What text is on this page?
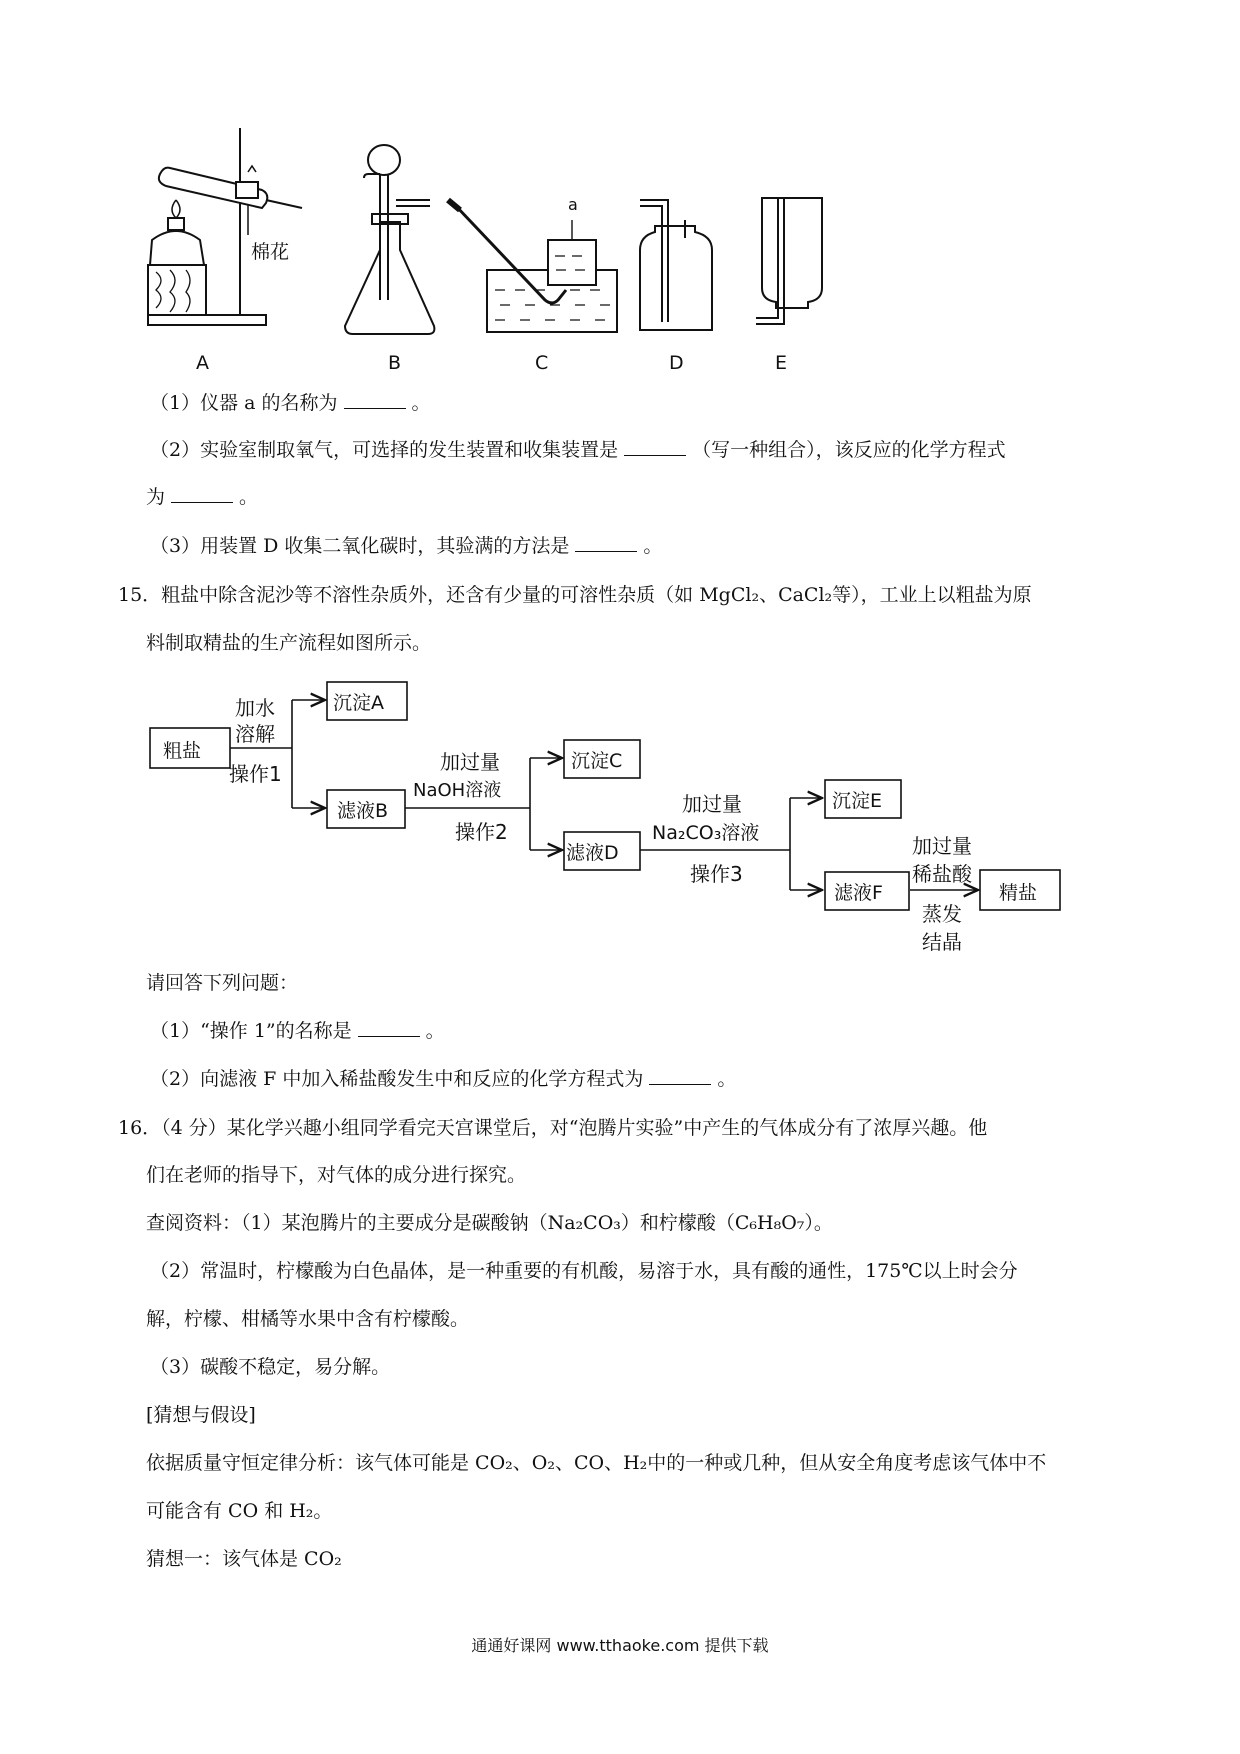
棉花
a
A	B	C	D	E
（1）仪器 a 的名称为	。
（2）实验室制取氧气，可选择的发生装置和收集装置是	（写一种组合），该反应的化学方程式
为	。
（3）用装置 D 收集二氧化碳时，其验满的方法是	。
15．粗盐中除含泥沙等不溶性杂质外，还含有少量的可溶性杂质（如 MgCl₂、CaCl₂等），工业上以粗盐为原
料制取精盐的生产流程如图所示。
粗盐
加水
溶解
操作1
沉淀A
滤液B
加过量
NaOH溶液
操作2
沉淀C
滤液D
加过量
Na₂CO₃溶液
操作3
沉淀E
滤液F
加过量
稀盐酸
蒸发
结晶
精盐
请回答下列问题：
（1）“操作 1”的名称是	。
（2）向滤液 F 中加入稀盐酸发生中和反应的化学方程式为	。
16．（4 分）某化学兴趣小组同学看完天宫课堂后，对“泡腾片实验”中产生的气体成分有了浓厚兴趣。他
们在老师的指导下，对气体的成分进行探究。
查阅资料：（1）某泡腾片的主要成分是碳酸钠（Na₂CO₃）和柠檬酸（C₆H₈O₇）。
（2）常温时，柠檬酸为白色晶体，是一种重要的有机酸，易溶于水，具有酸的通性，175℃以上时会分
解，柠檬、柑橘等水果中含有柠檬酸。
（3）碳酸不稳定，易分解。
[猜想与假设]
依据质量守恒定律分析：该气体可能是 CO₂、O₂、CO、H₂中的一种或几种，但从安全角度考虑该气体中不
可能含有 CO 和 H₂。
猜想一：该气体是 CO₂
通通好课网 www.tthaoke.com 提供下载
